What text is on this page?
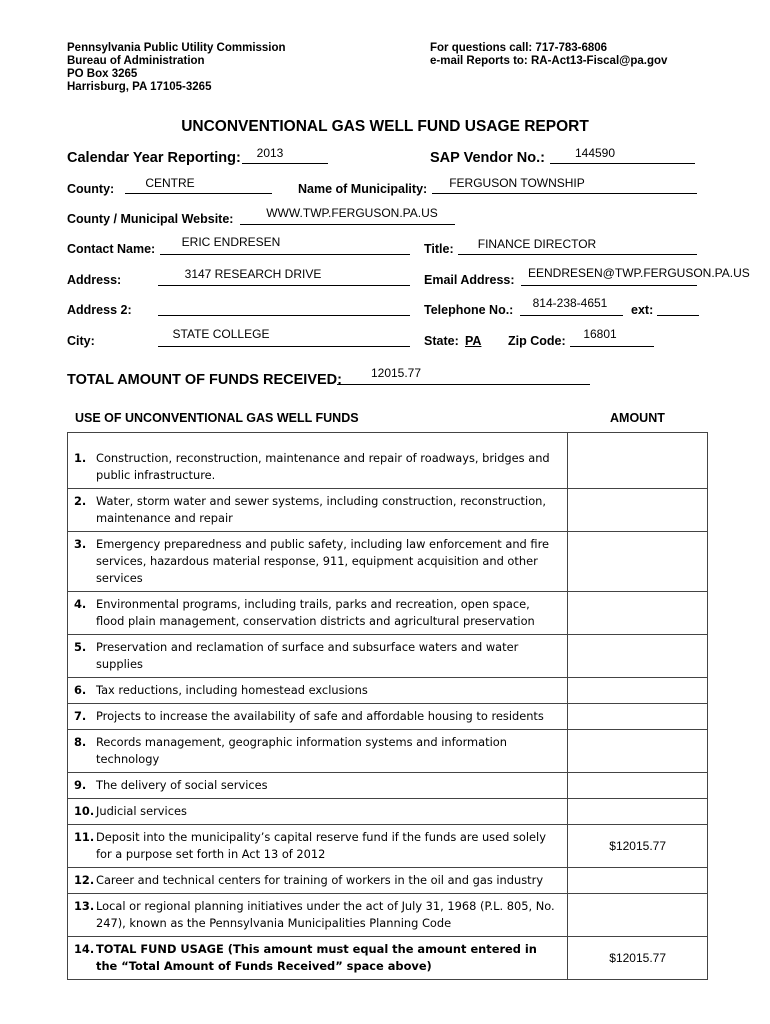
Pennsylvania Public Utility Commission
Bureau of Administration
PO Box 3265
Harrisburg, PA 17105-3265
For questions call: 717-783-6806
e-mail Reports to: RA-Act13-Fiscal@pa.gov
UNCONVENTIONAL GAS WELL FUND USAGE REPORT
Calendar Year Reporting:	2013	SAP Vendor No.:	144590
County:	CENTRE	Name of Municipality:	FERGUSON TOWNSHIP
County / Municipal Website:	WWW.TWP.FERGUSON.PA.US
Contact Name:	ERIC ENDRESEN	Title:	FINANCE DIRECTOR
Address:	3147 RESEARCH DRIVE	Email Address: EENDRESEN@TWP.FERGUSON.PA.US
Address 2:	Telephone No.:	814-238-4651	ext:
City:	STATE COLLEGE	State: PA Zip Code:	16801
TOTAL AMOUNT OF FUNDS RECEIVED:	12015.77
USE OF UNCONVENTIONAL GAS WELL FUNDS	AMOUNT
1. Construction, reconstruction, maintenance and repair of roadways, bridges and public infrastructure.	

2. Water, storm water and sewer systems, including construction, reconstruction, maintenance and repair	

3. Emergency preparedness and public safety, including law enforcement and fire services, hazardous material response, 911, equipment acquisition and other services	

4. Environmental programs, including trails, parks and recreation, open space, flood plain management, conservation districts and agricultural preservation	

5. Preservation and reclamation of surface and subsurface waters and water supplies	

6. Tax reductions, including homestead exclusions	

7. Projects to increase the availability of safe and affordable housing to residents	

8. Records management, geographic information systems and information technology	

9. The delivery of social services	

10. Judicial services	

11. Deposit into the municipality’s capital reserve fund if the funds are used solely for a purpose set forth in Act 13 of 2012	$12015.77

12. Career and technical centers for training of workers in the oil and gas industry	

13. Local or regional planning initiatives under the act of July 31, 1968 (P.L. 805, No. 247), known as the Pennsylvania Municipalities Planning Code	

14. TOTAL FUND USAGE (This amount must equal the amount entered in the “Total Amount of Funds Received” space above)	$12015.77
